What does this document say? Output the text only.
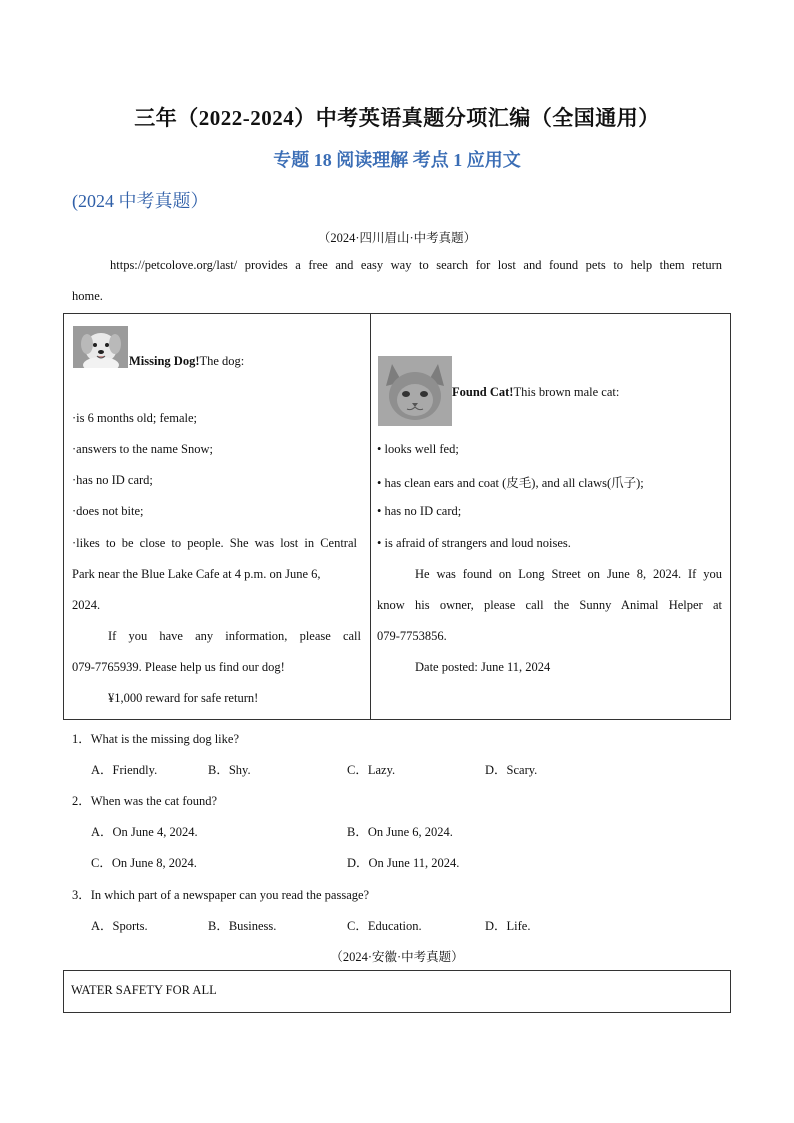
三年（2022-2024）中考英语真题分项汇编（全国通用）
专题 18 阅读理解 考点 1 应用文
(2024 中考真题）
（2024·四川眉山·中考真题）
https://petcolove.org/last/ provides a free and easy way to search for lost and found pets to help them return
home.
Missing Dog!The dog:
·is 6 months old; female;
·answers to the name Snow;
·has no ID card;
·does not bite;
·likes to be close to people. She was lost in Central
Park near the Blue Lake Cafe at 4 p.m. on June 6,
2024.
If you have any information, please call
079-7765939. Please help us find our dog!
¥1,000 reward for safe return!
Found Cat!This brown male cat:
• looks well fed;
• has clean ears and coat (皮毛), and all claws(爪子);
• has no ID card;
• is afraid of strangers and loud noises.
He was found on Long Street on June 8, 2024. If you
know his owner, please call the Sunny Animal Helper at
079-7753856.
Date posted: June 11, 2024
1．What is the missing dog like?
A．Friendly.	B．Shy.	C．Lazy.	D．Scary.
2．When was the cat found?
A．On June 4, 2024.	B．On June 6, 2024.
C．On June 8, 2024.	D．On June 11, 2024.
3．In which part of a newspaper can you read the passage?
A．Sports.	B．Business.	C．Education.	D．Life.
（2024·安徽·中考真题）
WATER SAFETY FOR ALL
